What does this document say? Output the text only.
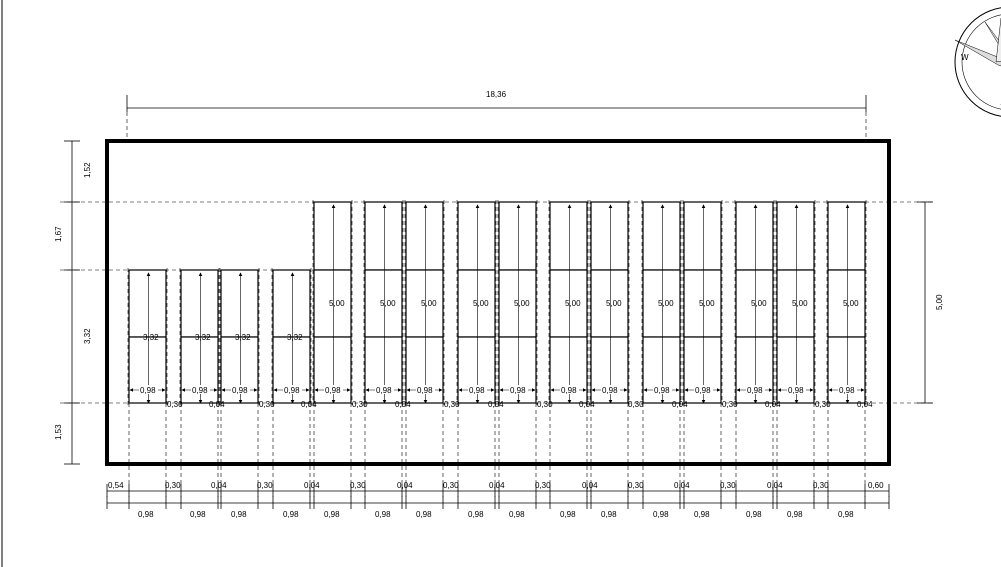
W
18,36
1,52
1,67
3,32
1,53
5,00
3,32
0,98
3,32
0,98
3,32
0,98
3,32
0,98
5,00
0,98
5,00
0,98
5,00
0,98
5,00
0,98
5,00
0,98
5,00
0,98
5,00
0,98
5,00
0,98
5,00
0,98
5,00
0,98
5,00
0,98
5,00
0,98
0,30	0,04	0,30	0,04	0,30	0,04	0,30	0,04	0,30	0,04	0,30	0,04	0,30	0,04	0,30	0,04
0,54	0,30	0,04	0,30	0,04	0,30	0,04	0,30	0,04	0,30	0,04	0,30	0,04	0,30	0,04	0,30	0,60
0,98	0,98	0,98	0,98	0,98	0,98	0,98	0,98	0,98	0,98	0,98	0,98	0,98	0,98	0,98	0,98
